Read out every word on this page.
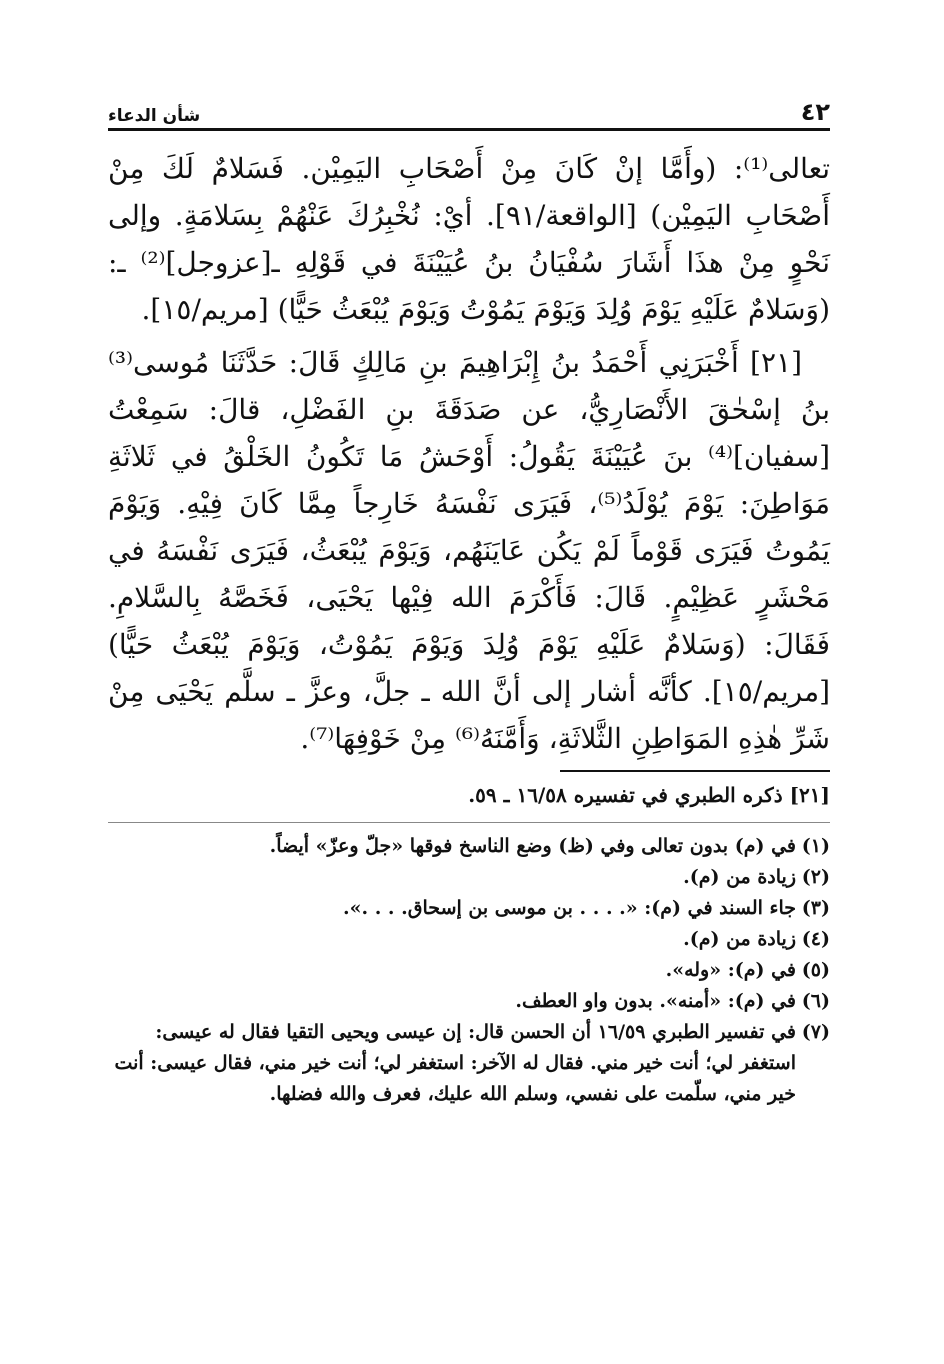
٤٢
شأن الدعاء

تعالى⁽¹⁾: (وأَمَّا إنْ كَانَ مِنْ أَصْحَابِ اليَمِيْن. فَسَلامٌ لَكَ مِنْ أَصْحَابِ اليَمِيْن) [الواقعة/٩١]. أيْ: نُخْبِرُكَ عَنْهُمْ بِسَلامَةٍ. وإلى نَحْوٍ مِنْ هذَا أَشَارَ سُفْيَانُ بنُ عُيَيْنَةَ في قَوْلِهِ ـ[عزوجل]⁽²⁾ ـ: (وَسَلامٌ عَلَيْهِ يَوْمَ وُلِدَ وَيَوْمَ يَمُوْتُ وَيَوْمَ يُبْعَثُ حَيًّا) [مريم/١٥].

[٢١] أَخْبَرَنِي أَحْمَدُ بنُ إِبْرَاهِيمَ بنِ مَالِكٍ قَالَ: حَدَّثَنَا مُوسى⁽³⁾ بنُ إسْحٰقَ الأَنْصَارِيُّ، عن صَدَقَةَ بنِ الفَضْلِ، قالَ: سَمِعْتُ [سفيان]⁽⁴⁾ بنَ عُيَيْنَةَ يَقُولُ: أَوْحَشُ مَا تَكُونُ الخَلْقُ في ثَلاثَةِ مَوَاطِنَ: يَوْمَ يُوْلَدُ⁽⁵⁾، فَيَرَى نَفْسَهُ خَارِجاً مِمَّا كَانَ فِيْهِ. وَيَوْمَ يَمُوتُ فَيَرَى قَوْماً لَمْ يَكُن عَايَنَهُم، وَيَوْمَ يُبْعَثُ، فَيَرَى نَفْسَهُ في مَحْشَرٍ عَظِيْمٍ. قَالَ: فَأَكْرَمَ الله فِيْها يَحْيَى، فَخَصَّهُ بِالسَّلامِ. فَقَالَ: (وَسَلامٌ عَلَيْهِ يَوْمَ وُلِدَ وَيَوْمَ يَمُوْتُ، وَيَوْمَ يُبْعَثُ حَيًّا) [مريم/١٥]. كأنَّه أشار إلى أنَّ الله ـ جلَّ، وعزَّ ـ سلَّم يَحْيَى مِنْ شَرِّ هٰذِهِ المَوَاطِنِ الثَّلاثَةِ، وَأَمَّنَهُ⁽⁶⁾ مِنْ خَوْفِهَا⁽⁷⁾.

[٢١] ذكره الطبري في تفسيره ١٦/٥٨ ـ ٥٩.
(١)في (م) بدون تعالى وفي (ظ) وضع الناسخ فوقها «جلّ وعزّ» أيضاً.
(٢)زيادة من (م).
(٣)جاء السند في (م): «. . . . بن موسى بن إسحاق. . . .».
(٤)زيادة من (م).
(٥)في (م): «وله».
(٦)في (م): «أمنه». بدون واو العطف.
(٧)في تفسير الطبري ١٦/٥٩ أن الحسن قال: إن عيسى ويحيى التقيا فقال له عيسى: استغفر لي؛ أنت خير مني. فقال له الآخر: استغفر لي؛ أنت خير مني، فقال عيسى: أنت خير مني، سلّمت على نفسي، وسلم الله عليك، فعرف والله فضلها.
